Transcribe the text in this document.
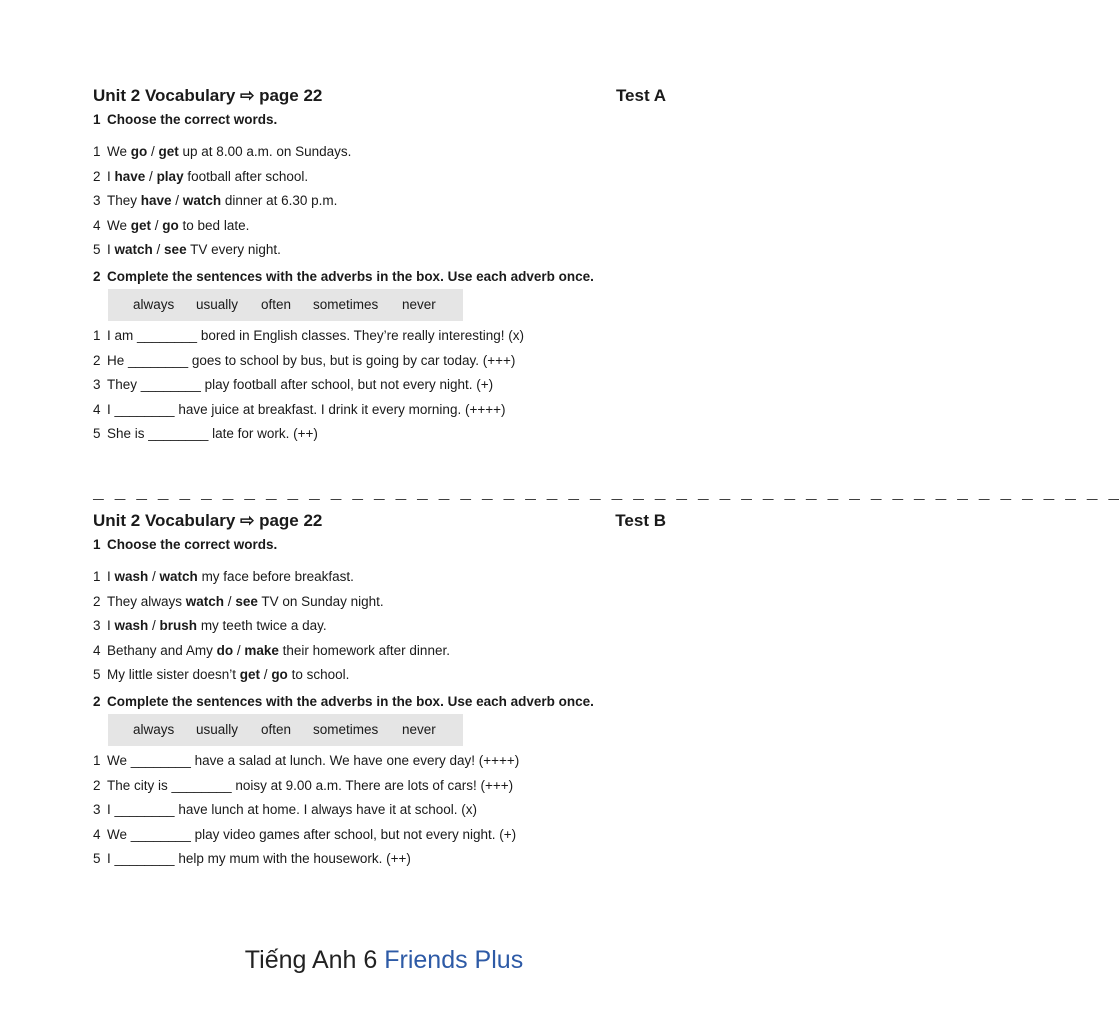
Unit 2 Vocabulary ⇨ page 22	Test A
1 Choose the correct words.
1 We go / get up at 8.00 a.m. on Sundays.
2 I have / play football after school.
3 They have / watch dinner at 6.30 p.m.
4 We get / go to bed late.
5 I watch / see TV every night.
2 Complete the sentences with the adverbs in the box. Use each adverb once.
always	usually	often	sometimes	never
1 I am ________ bored in English classes. They’re really interesting! (x)
2 He ________ goes to school by bus, but is going by car today. (+++)
3 They ________ play football after school, but not every night. (+)
4 I ________ have juice at breakfast. I drink it every morning. (++++)
5 She is ________ late for work. (++)
_ _ _ _ _ _ _ _ _ _ _ _ _ _ _ _ _ _ _ _ _ _ _ _ _ _ _ _ _ _ _ _ _ _ _ _ _ _ _ _ _ _ _ _ _ _ _ _
Unit 2 Vocabulary ⇨ page 22	Test B
1 Choose the correct words.
1 I wash / watch my face before breakfast.
2 They always watch / see TV on Sunday night.
3 I wash / brush my teeth twice a day.
4 Bethany and Amy do / make their homework after dinner.
5 My little sister doesn’t get / go to school.
2 Complete the sentences with the adverbs in the box. Use each adverb once.
always	usually	often	sometimes	never
1 We ________ have a salad at lunch. We have one every day! (++++)
2 The city is ________ noisy at 9.00 a.m. There are lots of cars! (+++)
3 I ________ have lunch at home. I always have it at school. (x)
4 We ________ play video games after school, but not every night. (+)
5 I ________ help my mum with the housework. (++)
Tiếng Anh 6 Friends Plus
